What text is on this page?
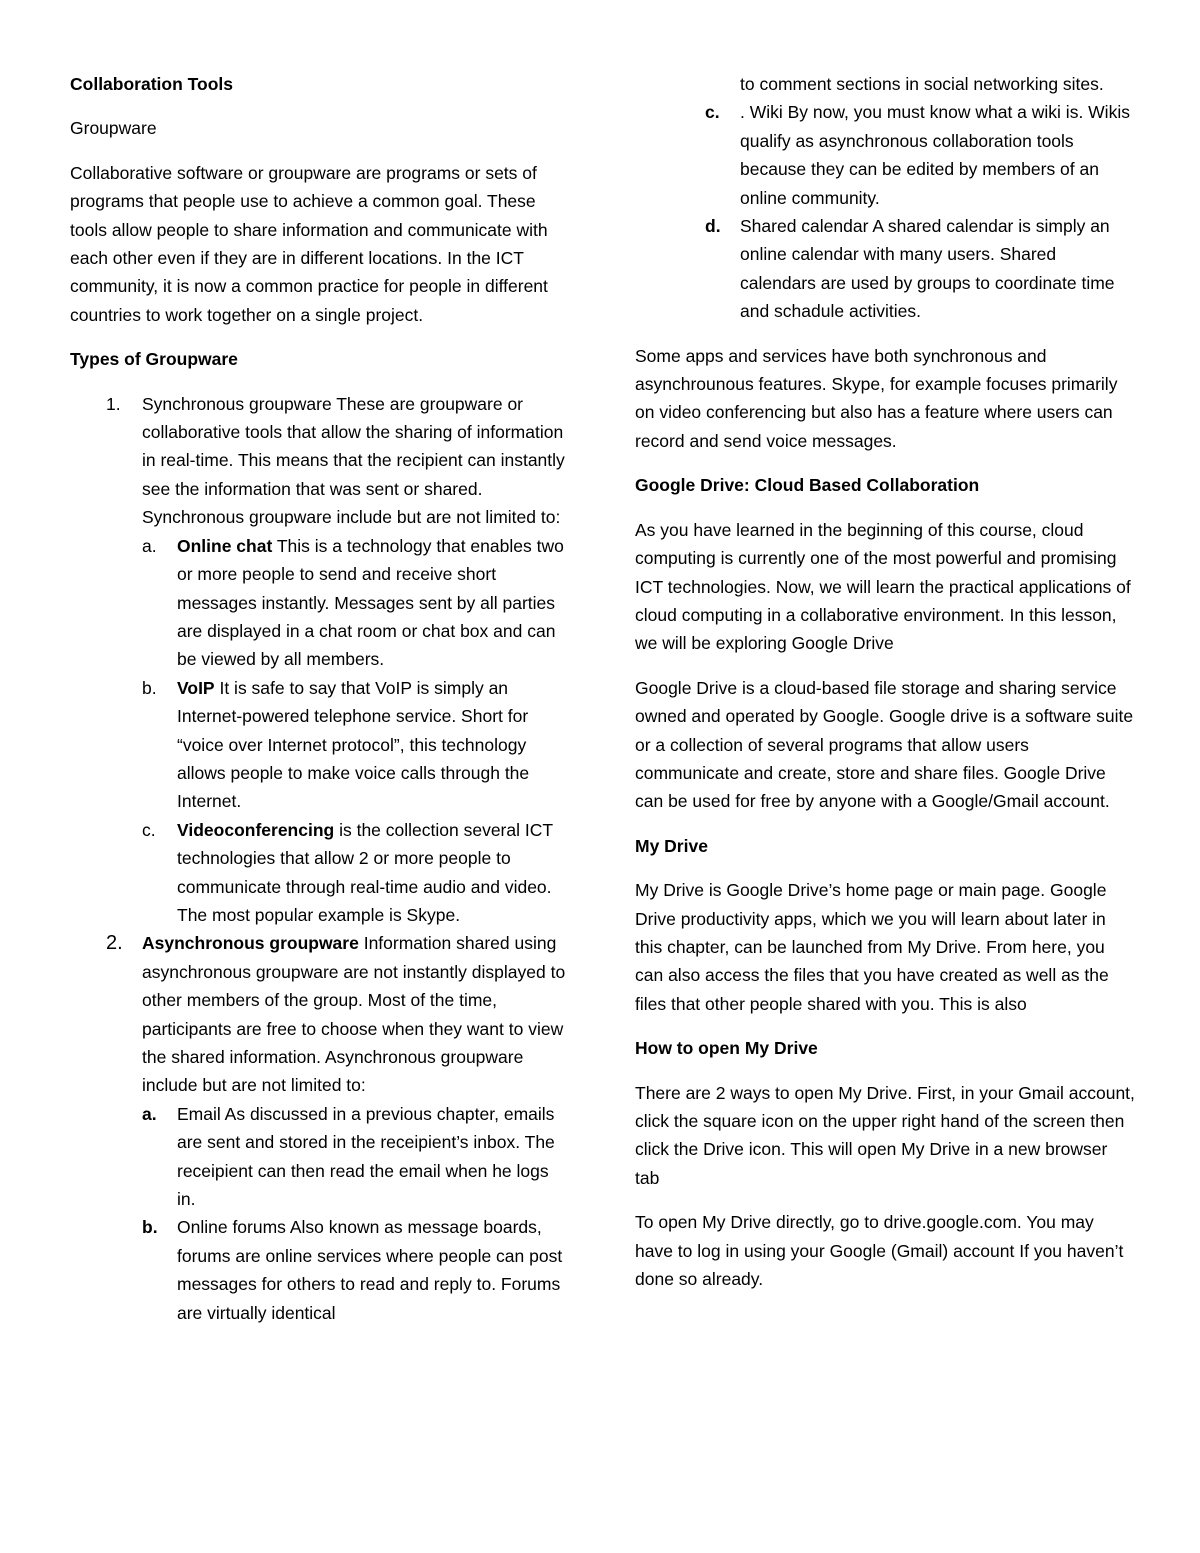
Collaboration Tools

Groupware

Collaborative software or groupware are programs or sets of programs that people use to achieve a common goal. These tools allow people to share information and communicate with each other even if they are in different locations. In the ICT community, it is now a common practice for people in different countries to work together on a single project.

Types of Groupware
1. Synchronous groupware These are groupware or collaborative tools that allow the sharing of information in real-time. This means that the recipient can instantly see the information that was sent or shared. Synchronous groupware include but are not limited to:
a.	Online chat This is a technology that enables two or more people to send and receive short messages instantly. Messages sent by all parties are displayed in a chat room or chat box and can be viewed by all members.
b.	VoIP It is safe to say that VoIP is simply an Internet-powered telephone service. Short for “voice over Internet protocol”, this technology allows people to make voice calls through the Internet.
c.	Videoconferencing is the collection several ICT technologies that allow 2 or more people to communicate through real-time audio and video. The most popular example is Skype.
2. Asynchronous groupware Information shared using asynchronous groupware are not instantly displayed to other members of the group. Most of the time, participants are free to choose when they want to view the shared information. Asynchronous groupware include but are not limited to:
a.	Email As discussed in a previous chapter, emails are sent and stored in the receipient’s inbox. The receipient can then read the email when he logs in.
b.	Online forums Also known as message boards, forums are online services where people can post messages for others to read and reply to. Forums are virtually identical
to comment sections in social networking sites.
c.	. Wiki By now, you must know what a wiki is. Wikis qualify as asynchronous collaboration tools because they can be edited by members of an online community.
d.	Shared calendar A shared calendar is simply an online calendar with many users. Shared calendars are used by groups to coordinate time and schadule activities.

Some apps and services have both synchronous and asynchrounous features. Skype, for example focuses primarily on video conferencing but also has a feature where users can record and send voice messages.

Google Drive: Cloud Based Collaboration

As you have learned in the beginning of this course, cloud computing is currently one of the most powerful and promising ICT technologies. Now, we will learn the practical applications of cloud computing in a collaborative environment. In this lesson, we will be exploring Google Drive

Google Drive is a cloud-based file storage and sharing service owned and operated by Google. Google drive is a software suite or a collection of several programs that allow users communicate and create, store and share files. Google Drive can be used for free by anyone with a Google/Gmail account.

My Drive

My Drive is Google Drive’s home page or main page. Google Drive productivity apps, which we you will learn about later in this chapter, can be launched from My Drive. From here, you can also access the files that you have created as well as the files that other people shared with you. This is also

How to open My Drive

There are 2 ways to open My Drive. First, in your Gmail account, click the square icon on the upper right hand of the screen then click the Drive icon. This will open My Drive in a new browser tab

To open My Drive directly, go to drive.google.com. You may have to log in using your Google (Gmail) account If you haven’t done so already.
